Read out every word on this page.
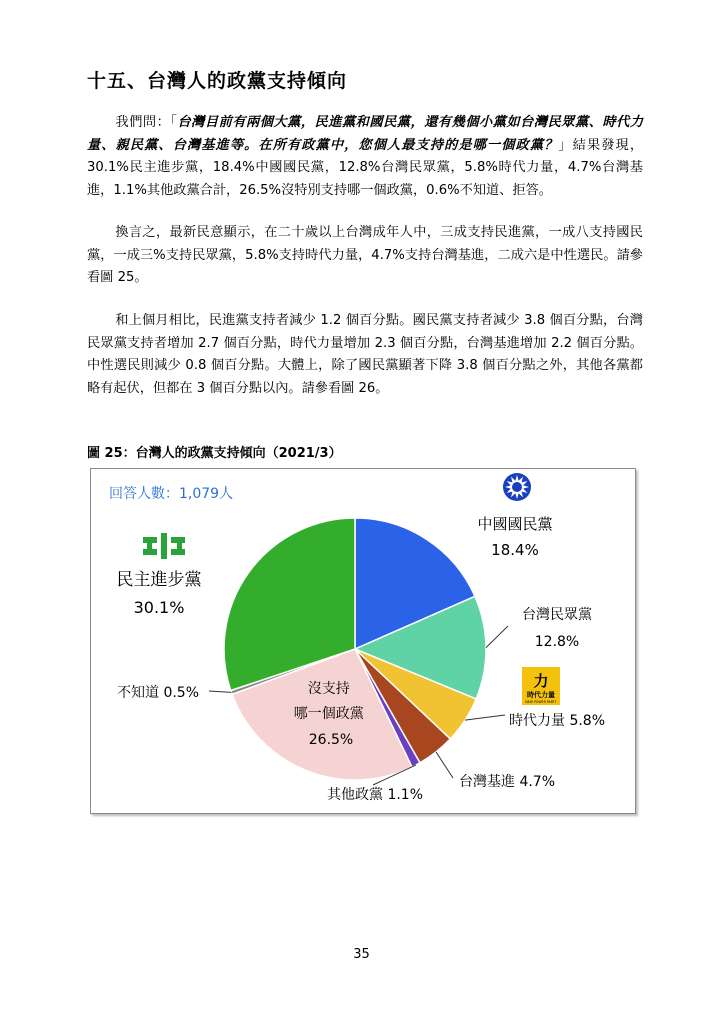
十五、台灣人的政黨支持傾向

我們問：「台灣目前有兩個大黨，民進黨和國民黨，還有幾個小黨如台灣民眾黨、時代力量、親民黨、台灣基進等。在所有政黨中，您個人最支持的是哪一個政黨？」結果發現，30.1%民主進步黨，18.4%中國國民黨，12.8%台灣民眾黨，5.8%時代力量，4.7%台灣基進，1.1%其他政黨合計，26.5%沒特別支持哪一個政黨，0.6%不知道、拒答。

換言之，最新民意顯示，在二十歲以上台灣成年人中，三成支持民進黨，一成八支持國民黨，一成三%支持民眾黨，5.8%支持時代力量，4.7%支持台灣基進，二成六是中性選民。請參看圖 25。

和上個月相比，民進黨支持者減少 1.2 個百分點。國民黨支持者減少 3.8 個百分點，台灣民眾黨支持者增加 2.7 個百分點，時代力量增加 2.3 個百分點，台灣基進增加 2.2 個百分點。中性選民則減少 0.8 個百分點。大體上，除了國民黨顯著下降 3.8 個百分點之外，其他各黨都略有起伏，但都在 3 個百分點以內。請參看圖 26。

圖 25：台灣人的政黨支持傾向（2021/3）

回答人數：1,079人
力
時代力量
NEW POWER PARTY
中國國民黨
18.4%
台灣民眾黨
12.8%
時代力量 5.8%
台灣基進 4.7%
其他政黨 1.1%
沒支持 哪一個政黨 26.5%
不知道 0.5%
民主進步黨
30.1%
35
